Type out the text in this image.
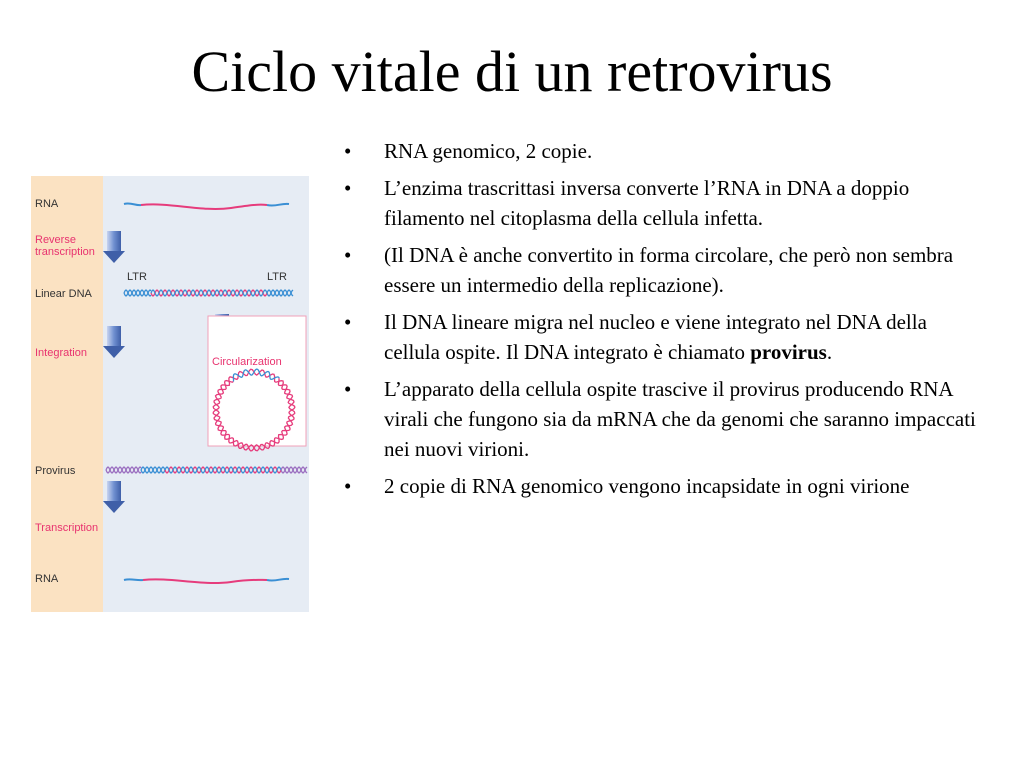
Ciclo vitale di un retrovirus
• RNA genomico, 2 copie.
• L’enzima trascrittasi inversa converte l’RNA in DNA a doppio filamento nel citoplasma della cellula infetta.
• (Il DNA è anche convertito in forma circolare, che però non sembra essere un intermedio della replicazione).
• Il DNA lineare migra nel nucleo e viene integrato nel DNA della cellula ospite. Il DNA integrato è chiamato provirus.
• L’apparato della cellula ospite trascive il provirus producendo RNA virali che fungono sia da mRNA che da genomi che saranno impaccati nei nuovi virioni.
• 2 copie di RNA genomico vengono incapsidate in ogni virione
RNA
Reverse
transcription
Linear DNA
Integration
Provirus
Transcription
RNA
LTR	LTR
Circularization
